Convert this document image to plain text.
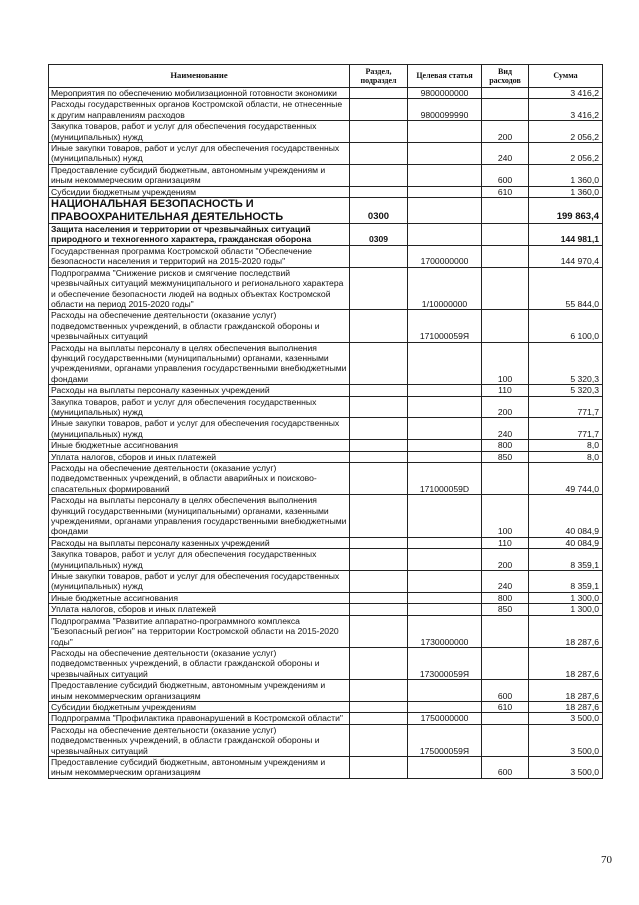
Наименование	Раздел, подраздел	Целевая статья	Вид расходов	Сумма
Мероприятия по обеспечению мобилизационной готовности экономики		9800000000		3 416,2
Расходы государственных органов Костромской области, не отнесенные к другим направлениям расходов		9800099990		3 416,2
Закупка товаров, работ и услуг для обеспечения государственных (муниципальных) нужд			200	2 056,2
Иные закупки товаров, работ и услуг для обеспечения государственных (муниципальных) нужд			240	2 056,2
Предоставление субсидий бюджетным, автономным учреждениям и иным некоммерческим организациям			600	1 360,0
Субсидии бюджетным учреждениям			610	1 360,0
НАЦИОНАЛЬНАЯ БЕЗОПАСНОСТЬ И ПРАВООХРАНИТЕЛЬНАЯ ДЕЯТЕЛЬНОСТЬ	0300			199 863,4
Защита населения и территории от чрезвычайных ситуаций природного и техногенного характера, гражданская оборона	0309			144 981,1
Государственная программа Костромской области "Обеспечение безопасности населения и территорий на 2015-2020 годы"		1700000000		144 970,4
Подпрограмма "Снижение рисков и смягчение последствий чрезвычайных ситуаций межмуниципального и регионального характера и обеспечение безопасности людей на водных объектах Костромской области на период 2015-2020 годы"		1/10000000		55 844,0
Расходы на обеспечение деятельности (оказание услуг) подведомственных учреждений, в области гражданской обороны и чрезвычайных ситуаций		171000059Я		6 100,0
Расходы на выплаты персоналу в целях обеспечения выполнения функций государственными (муниципальными) органами, казенными учреждениями, органами управления государственными внебюджетными фондами			100	5 320,3
Расходы на выплаты персоналу казенных учреждений			110	5 320,3
Закупка товаров, работ и услуг для обеспечения государственных (муниципальных) нужд			200	771,7
Иные закупки товаров, работ и услуг для обеспечения государственных (муниципальных) нужд			240	771,7
Иные бюджетные ассигнования			800	8,0
Уплата налогов, сборов и иных платежей			850	8,0
Расходы на обеспечение деятельности (оказание услуг) подведомственных учреждений, в области аварийных и поисково-спасательных формирований		171000059D		49 744,0
Расходы на выплаты персоналу в целях обеспечения выполнения функций государственными (муниципальными) органами, казенными учреждениями, органами управления государственными внебюджетными фондами			100	40 084,9
Расходы на выплаты персоналу казенных учреждений			110	40 084,9
Закупка товаров, работ и услуг для обеспечения государственных (муниципальных) нужд			200	8 359,1
Иные закупки товаров, работ и услуг для обеспечения государственных (муниципальных) нужд			240	8 359,1
Иные бюджетные ассигнования			800	1 300,0
Уплата налогов, сборов и иных платежей			850	1 300,0
Подпрограмма "Развитие аппаратно-программного комплекса "Безопасный регион" на территории Костромской области на 2015-2020 годы"		1730000000		18 287,6
Расходы на обеспечение деятельности (оказание услуг) подведомственных учреждений, в области гражданской обороны и чрезвычайных ситуаций		173000059Я		18 287,6
Предоставление субсидий бюджетным, автономным учреждениям и иным некоммерческим организациям			600	18 287,6
Субсидии бюджетным учреждениям			610	18 287,6
Подпрограмма "Профилактика правонарушений в Костромской области"		1750000000		3 500,0
Расходы на обеспечение деятельности (оказание услуг) подведомственных учреждений, в области гражданской обороны и чрезвычайных ситуаций		175000059Я		3 500,0
Предоставление субсидий бюджетным, автономным учреждениям и иным некоммерческим организациям			600	3 500,0
70
